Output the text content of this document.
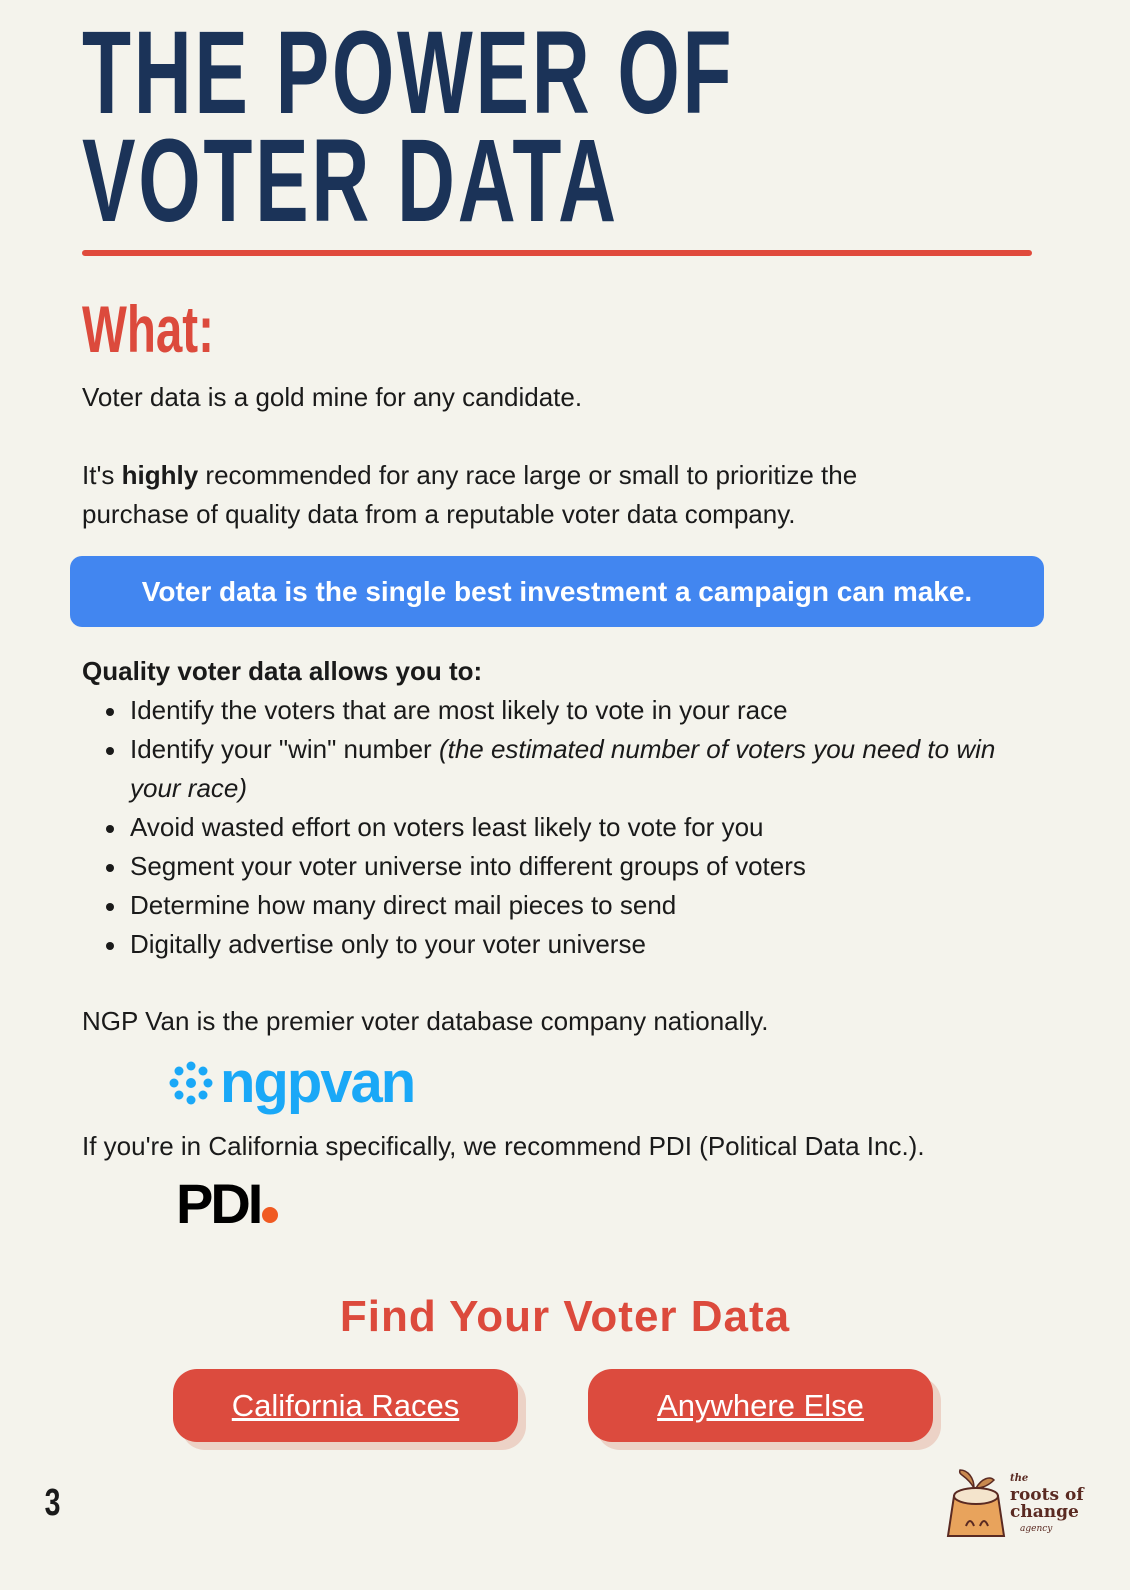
THE POWER OF
VOTER DATA
What:

Voter data is a gold mine for any candidate.

It's highly recommended for any race large or small to prioritize the
purchase of quality data from a reputable voter data company.

Voter data is the single best investment a campaign can make.

Quality voter data allows you to:

Identify the voters that are most likely to vote in your race
Identify your "win" number (the estimated number of voters you need to win your race)
Avoid wasted effort on voters least likely to vote for you
Segment your voter universe into different groups of voters
Determine how many direct mail pieces to send
Digitally advertise only to your voter universe

NGP Van is the premier voter database company nationally.

ngpvan

If you're in California specifically, we recommend PDI (Political Data Inc.).

PDI
Find Your Voter Data
California Races	Anywhere Else
3
the
roots of
change
agency
